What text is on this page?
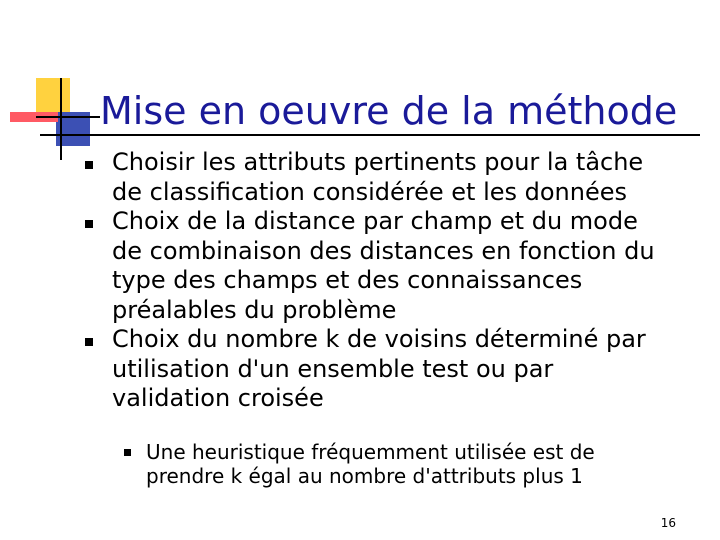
Mise en oeuvre de la méthode
Choisir les attributs pertinents pour la tâche
de classification considérée et les données
Choix de la distance par champ et du mode
de combinaison des distances en fonction du
type des champs et des connaissances
préalables du problème
Choix du nombre k de voisins déterminé par
utilisation d'un ensemble test ou par
validation croisée
Une heuristique fréquemment utilisée est de
prendre k égal au nombre d'attributs plus 1
16
